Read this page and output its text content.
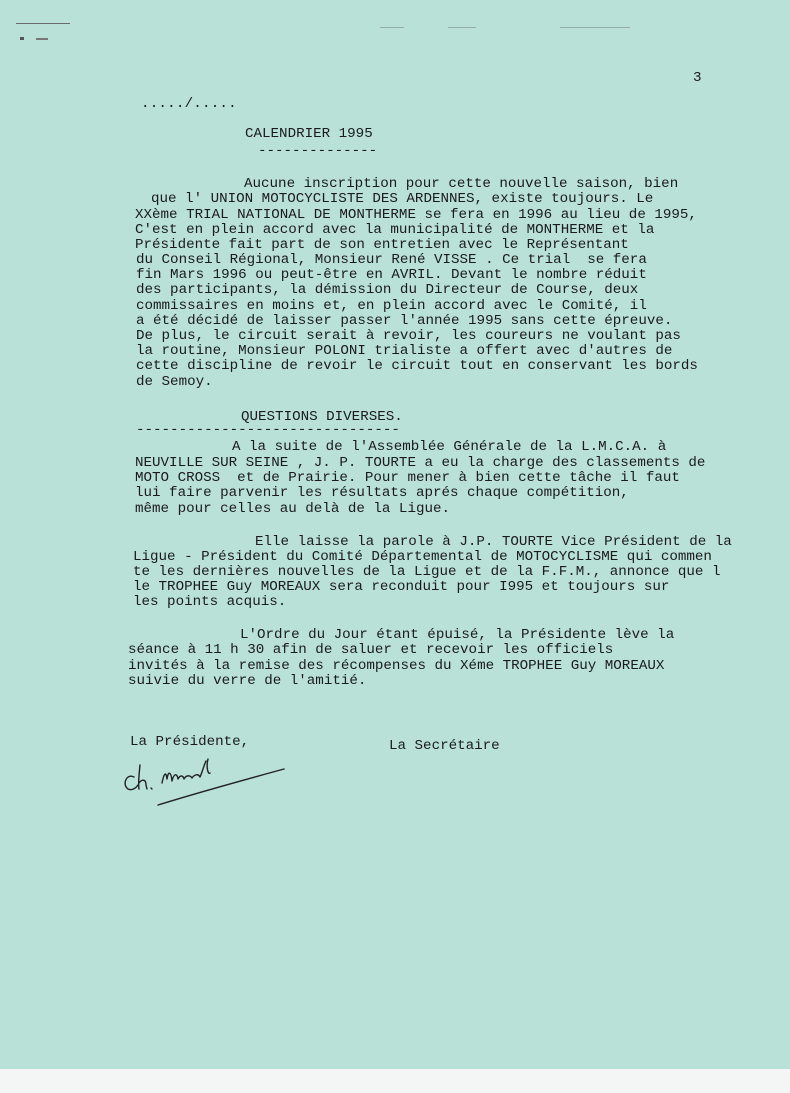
3
...../.....
CALENDRIER 1995
--------------
Aucune inscription pour cette nouvelle saison, bien
que l' UNION MOTOCYCLISTE DES ARDENNES, existe toujours. Le
XXème TRIAL NATIONAL DE MONTHERME se fera en 1996 au lieu de 1995,
C'est en plein accord avec la municipalité de MONTHERME et la
Présidente fait part de son entretien avec le Représentant
du Conseil Régional, Monsieur René VISSE . Ce trial  se fera
fin Mars 1996 ou peut-être en AVRIL. Devant le nombre réduit
des participants, la démission du Directeur de Course, deux
commissaires en moins et, en plein accord avec le Comité, il
a été décidé de laisser passer l'année 1995 sans cette épreuve.
De plus, le circuit serait à revoir, les coureurs ne voulant pas
la routine, Monsieur POLONI trialiste a offert avec d'autres de
cette discipline de revoir le circuit tout en conservant les bords
de Semoy.
QUESTIONS DIVERSES.
-------------------------------
A la suite de l'Assemblée Générale de la L.M.C.A. à
NEUVILLE SUR SEINE , J. P. TOURTE a eu la charge des classements de
MOTO CROSS  et de Prairie. Pour mener à bien cette tâche il faut
lui faire parvenir les résultats aprés chaque compétition,
même pour celles au delà de la Ligue.
Elle laisse la parole à J.P. TOURTE Vice Président de la
Ligue - Président du Comité Départemental de MOTOCYCLISME qui commen
te les dernières nouvelles de la Ligue et de la F.F.M., annonce que l
le TROPHEE Guy MOREAUX sera reconduit pour I995 et toujours sur
les points acquis.
L'Ordre du Jour étant épuisé, la Présidente lève la
séance à 11 h 30 afin de saluer et recevoir les officiels
invités à la remise des récompenses du Xéme TROPHEE Guy MOREAUX
suivie du verre de l'amitié.
La Présidente,	La Secrétaire
